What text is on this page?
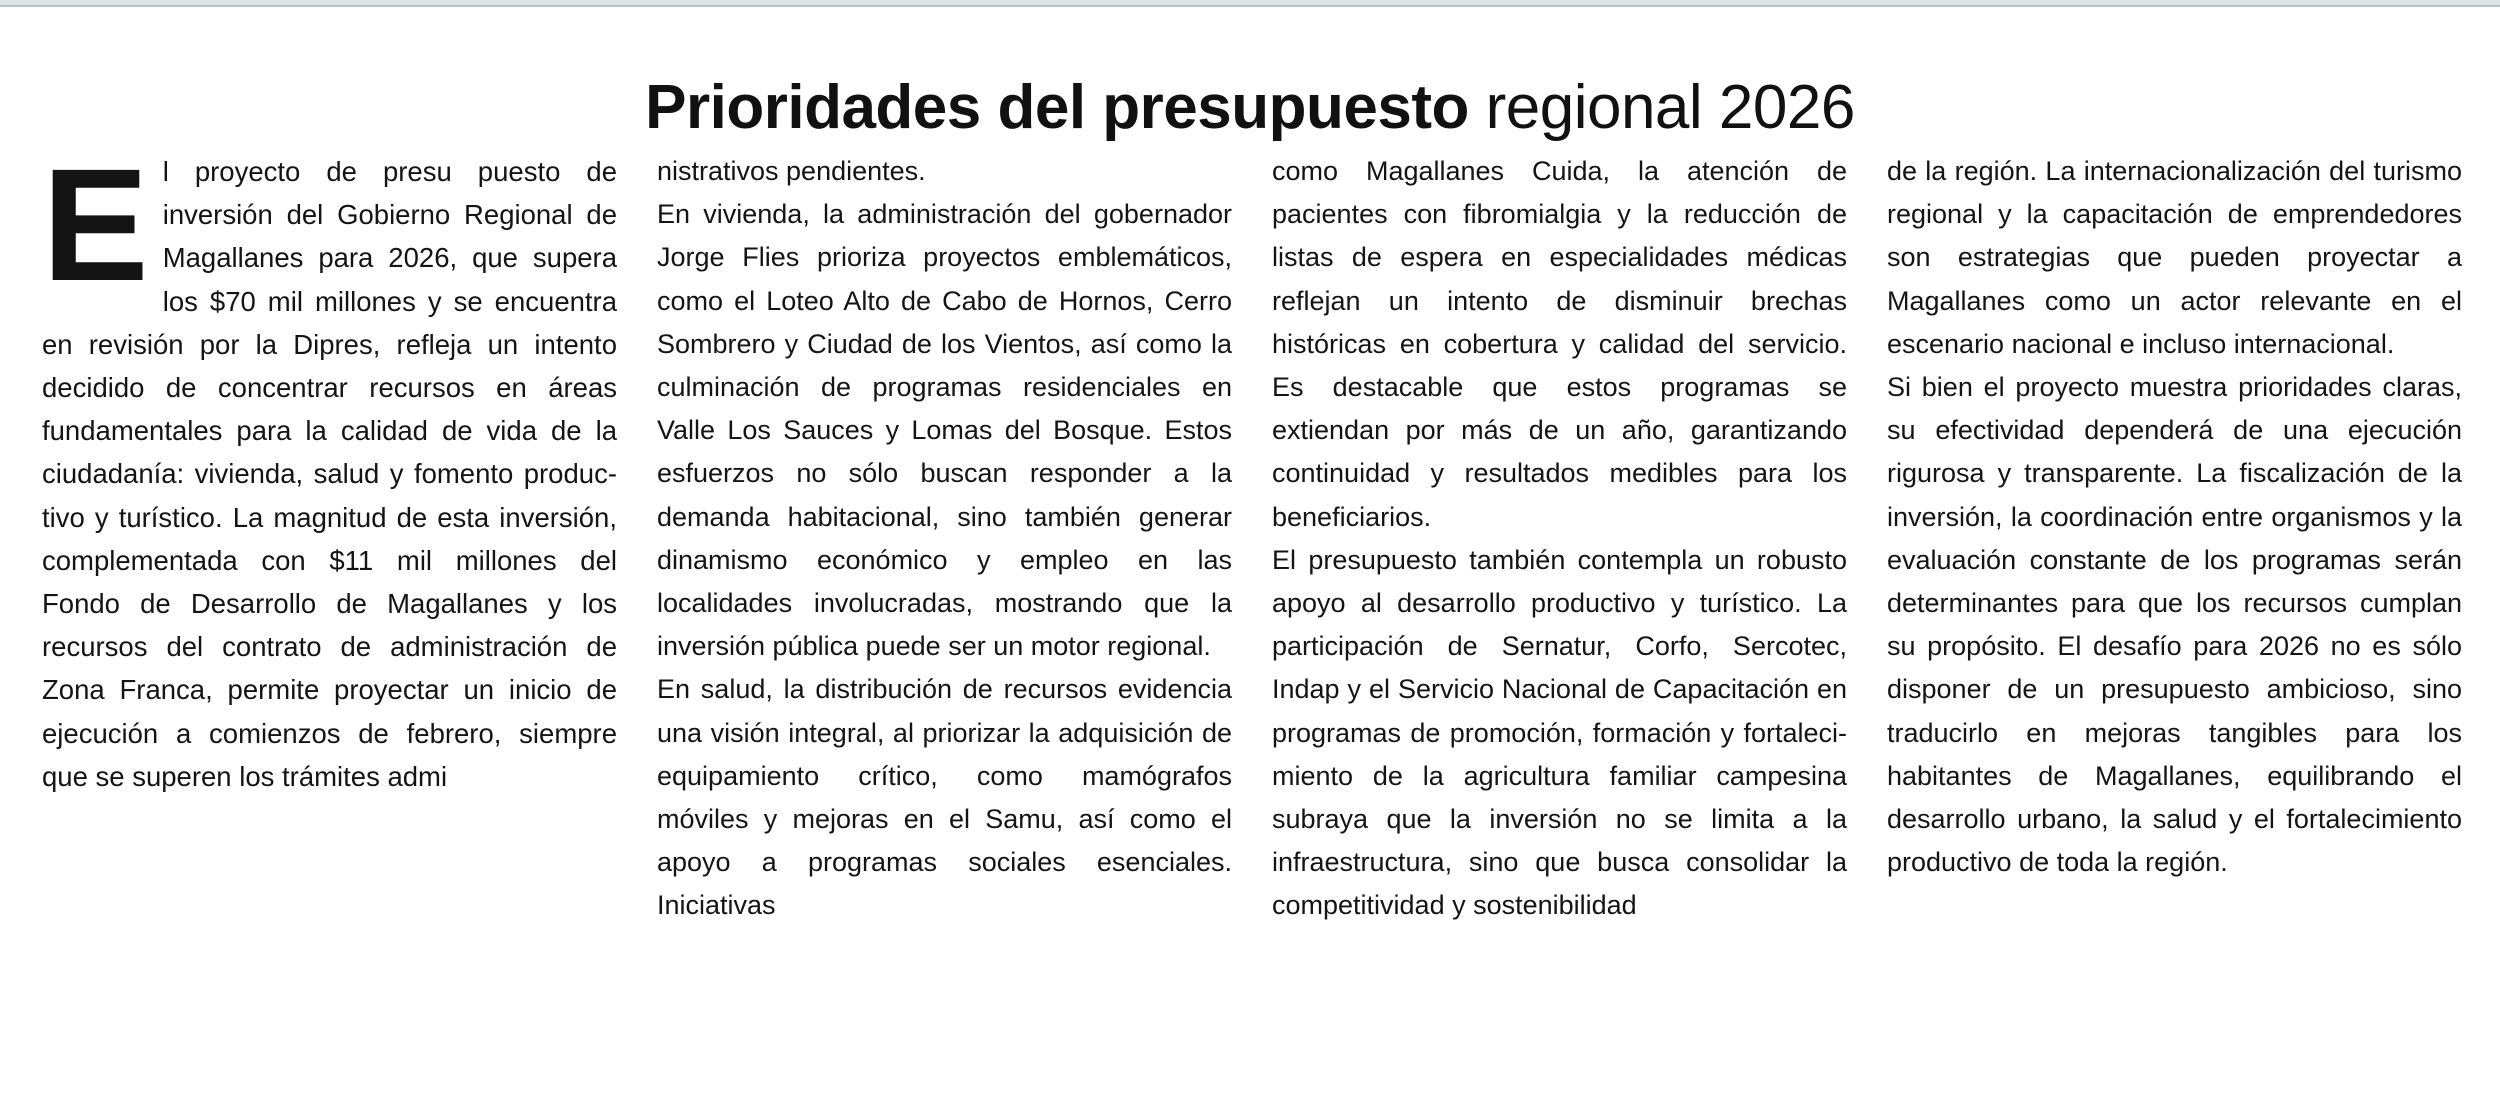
Prioridades del presupuesto regional 2026

El proyecto de presu puesto de inversión del Gobierno Regional de Magallanes para 2026, que supera los $70 mil millones y se encuentra en revisión por la Dipres, refleja un intento decidido de concentrar recursos en áreas fundamentales para la calidad de vida de la ciudadanía: vivienda, salud y fomento productivo y turístico. La magnitud de esta inversión, complementada con $11 mil millones del Fondo de Desarrollo de Magallanes y los recursos del contrato de administración de Zona Franca, permite proyectar un inicio de ejecución a comienzos de febrero, siempre que se superen los trámites admi

nistrativos pendientes.

En vivienda, la administración del gobernador Jorge Flies prioriza proyectos emblemáticos, como el Loteo Alto de Cabo de Hornos, Cerro Sombrero y Ciudad de los Vientos, así como la culminación de programas residenciales en Valle Los Sauces y Lomas del Bosque. Estos esfuerzos no sólo buscan responder a la demanda habitacional, sino también generar dinamismo económico y empleo en las localidades involucradas, mostrando que la inversión pública puede ser un motor regional.

En salud, la distribución de recursos evidencia una visión integral, al priorizar la adquisición de equipamiento crítico, como mamógrafos móviles y mejoras en el Samu, así como el apoyo a programas sociales esenciales. Iniciativas

como Magallanes Cuida, la atención de pacientes con fibromialgia y la reducción de listas de espera en especialidades médicas reflejan un intento de disminuir brechas históricas en cobertura y calidad del servicio. Es destacable que estos programas se extiendan por más de un año, garantizando continuidad y resultados medibles para los beneficiarios.

El presupuesto también contempla un robusto apoyo al desarrollo productivo y turístico. La participación de Sernatur, Corfo, Sercotec, Indap y el Servicio Nacional de Capacitación en programas de promoción, formación y fortalecimiento de la agricultura familiar campesina subraya que la inversión no se limita a la infraestructura, sino que busca consolidar la competitividad y sostenibilidad

de la región. La internacionalización del turismo regional y la capacitación de emprendedores son estrategias que pueden proyectar a Magallanes como un actor relevante en el escenario nacional e incluso internacional.

Si bien el proyecto muestra prioridades claras, su efectividad dependerá de una ejecución rigurosa y transparente. La fiscalización de la inversión, la coordinación entre organismos y la evaluación constante de los programas serán determinantes para que los recursos cumplan su propósito. El desafío para 2026 no es sólo disponer de un presupuesto ambicioso, sino traducirlo en mejoras tangibles para los habitantes de Magallanes, equilibrando el desarrollo urbano, la salud y el fortalecimiento productivo de toda la región.
